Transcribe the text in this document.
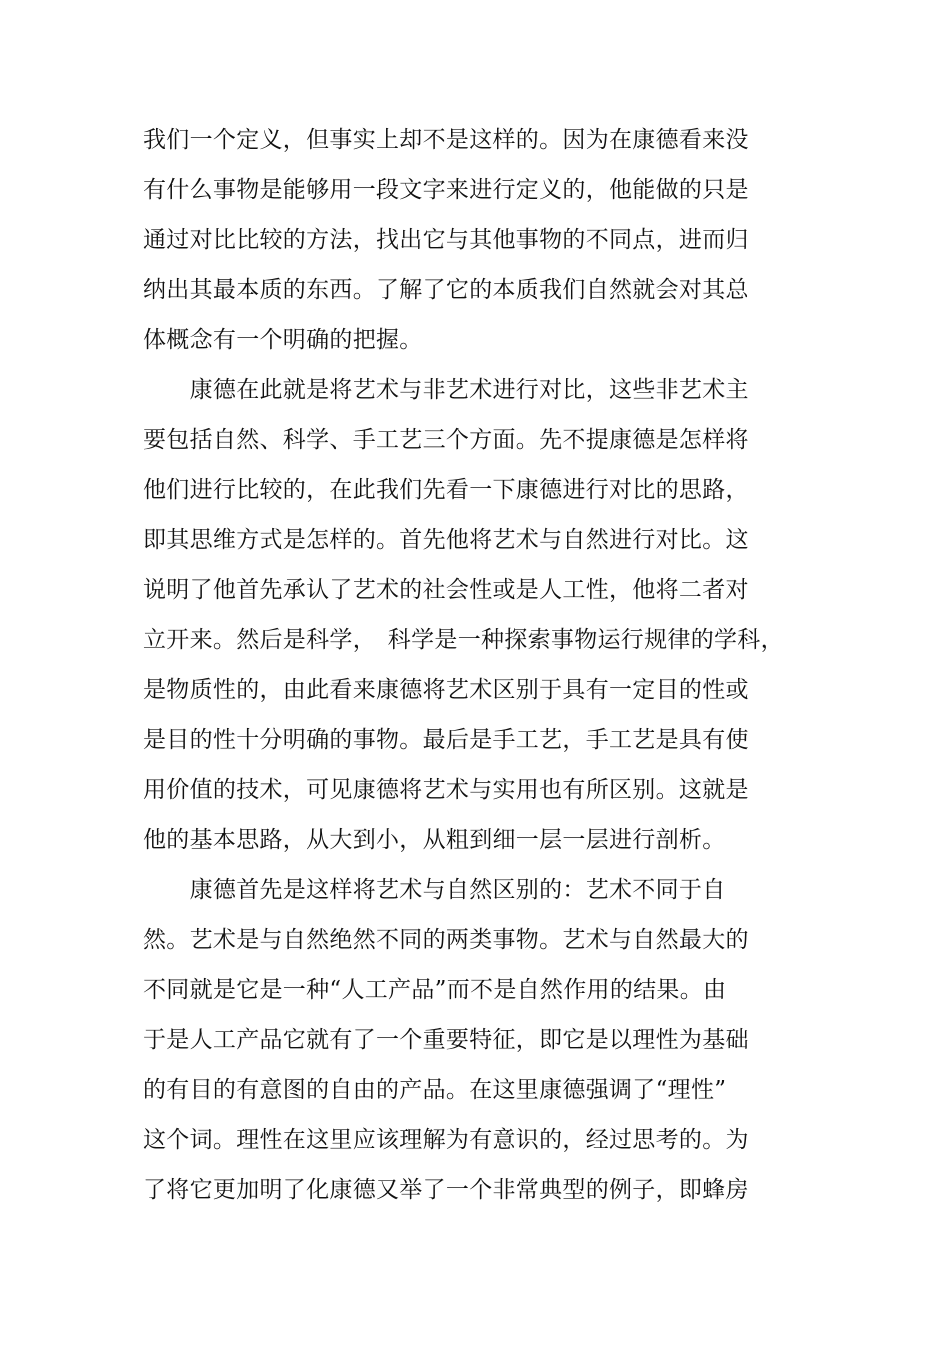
我们一个定义，但事实上却不是这样的。因为在康德看来没
有什么事物是能够用一段文字来进行定义的，他能做的只是
通过对比比较的方法，找出它与其他事物的不同点，进而归
纳出其最本质的东西。了解了它的本质我们自然就会对其总
体概念有一个明确的把握。
　　康德在此就是将艺术与非艺术进行对比，这些非艺术主
要包括自然、科学、手工艺三个方面。先不提康德是怎样将
他们进行比较的，在此我们先看一下康德进行对比的思路，
即其思维方式是怎样的。首先他将艺术与自然进行对比。这
说明了他首先承认了艺术的社会性或是人工性，他将二者对
立开来。然后是科学，　科学是一种探索事物运行规律的学科，
是物质性的，由此看来康德将艺术区别于具有一定目的性或
是目的性十分明确的事物。最后是手工艺，手工艺是具有使
用价值的技术，可见康德将艺术与实用也有所区别。这就是
他的基本思路，从大到小，从粗到细一层一层进行剖析。
　　康德首先是这样将艺术与自然区别的：艺术不同于自
然。艺术是与自然绝然不同的两类事物。艺术与自然最大的
不同就是它是一种“人工产品”而不是自然作用的结果。由
于是人工产品它就有了一个重要特征，即它是以理性为基础
的有目的有意图的自由的产品。在这里康德强调了“理性”
这个词。理性在这里应该理解为有意识的，经过思考的。为
了将它更加明了化康德又举了一个非常典型的例子，即蜂房
